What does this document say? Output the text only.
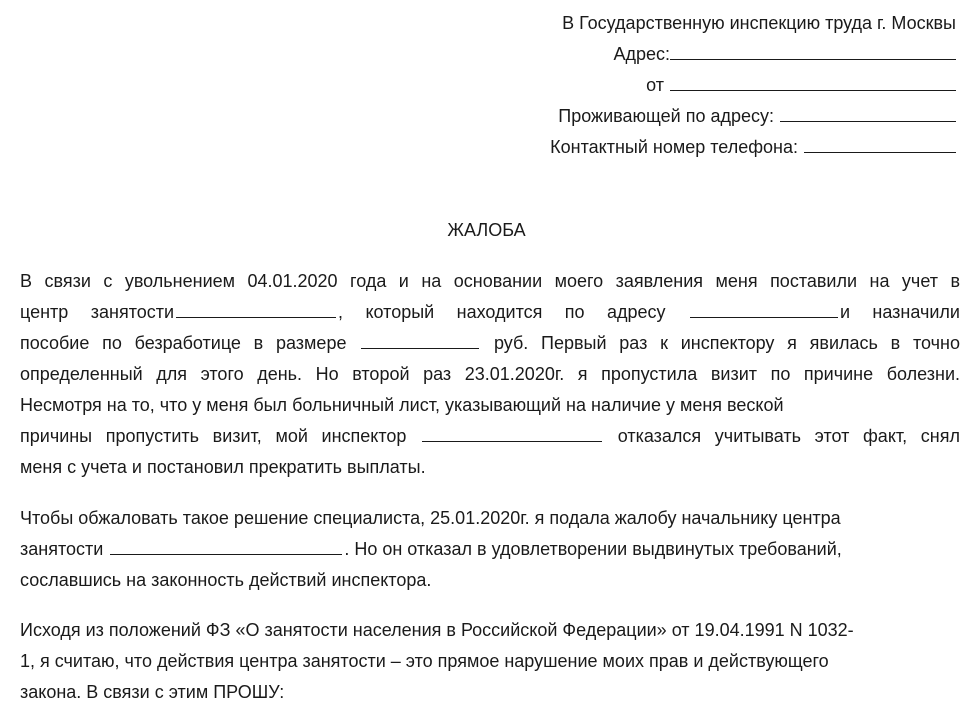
В Государственную инспекцию труда г. Москвы
Адрес:
от
Проживающей по адресу:
Контактный номер телефона:
ЖАЛОБА
В связи с увольнением 04.01.2020 года и на основании моего заявления меня поставили на учет в
центр занятости	, который находится по адресу	и назначили
пособие по безработице в размере	руб. Первый раз к инспектору я явилась в точно
определенный для этого день. Но второй раз 23.01.2020г. я пропустила визит по причине болезни.
Несмотря на то, что у меня был больничный лист, указывающий на наличие у меня веской
причины пропустить визит, мой инспектор	отказался учитывать этот факт, снял
меня с учета и постановил прекратить выплаты.
Чтобы обжаловать такое решение специалиста, 25.01.2020г. я подала жалобу начальнику центра
занятости	. Но он отказал в удовлетворении выдвинутых требований,
сославшись на законность действий инспектора.
Исходя из положений ФЗ «О занятости населения в Российской Федерации» от 19.04.1991 N 1032-
1, я считаю, что действия центра занятости – это прямое нарушение моих прав и действующего
закона. В связи с этим ПРОШУ:
